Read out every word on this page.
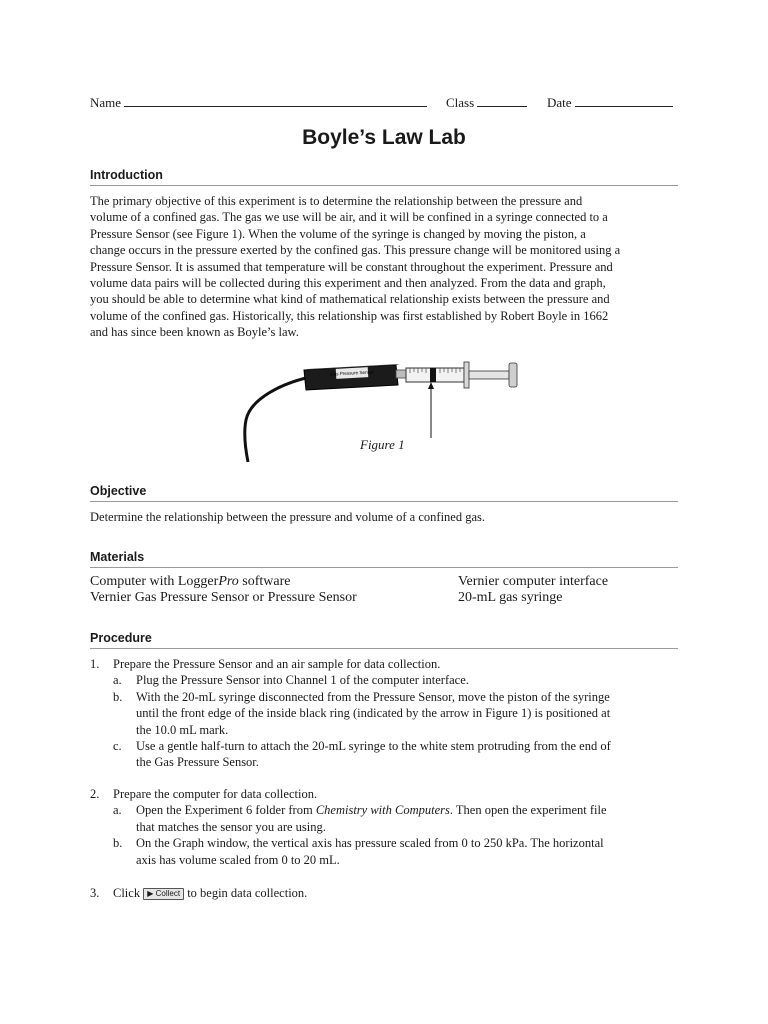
Name	Class	Date
Boyle’s Law Lab
Introduction
The primary objective of this experiment is to determine the relationship between the pressure and
volume of a confined gas. The gas we use will be air, and it will be confined in a syringe connected to a
Pressure Sensor (see Figure 1). When the volume of the syringe is changed by moving the piston, a
change occurs in the pressure exerted by the confined gas. This pressure change will be monitored using a
Pressure Sensor. It is assumed that temperature will be constant throughout the experiment. Pressure and
volume data pairs will be collected during this experiment and then analyzed. From the data and graph,
you should be able to determine what kind of mathematical relationship exists between the pressure and
volume of the confined gas. Historically, this relationship was first established by Robert Boyle in 1662
and has since been known as Boyle’s law.
Gas Pressure Sensor
Figure 1
Objective
Determine the relationship between the pressure and volume of a confined gas.
Materials
Computer with LoggerPro software
Vernier Gas Pressure Sensor or Pressure Sensor
Vernier computer interface
20-mL gas syringe
Procedure
1. Prepare the Pressure Sensor and an air sample for data collection.
a. Plug the Pressure Sensor into Channel 1 of the computer interface.
b. With the 20-mL syringe disconnected from the Pressure Sensor, move the piston of the syringe
until the front edge of the inside black ring (indicated by the arrow in Figure 1) is positioned at
the 10.0 mL mark.
c. Use a gentle half-turn to attach the 20-mL syringe to the white stem protruding from the end of
the Gas Pressure Sensor.
2. Prepare the computer for data collection.
a. Open the Experiment 6 folder from Chemistry with Computers. Then open the experiment file
that matches the sensor you are using.
b. On the Graph window, the vertical axis has pressure scaled from 0 to 250 kPa. The horizontal
axis has volume scaled from 0 to 20 mL.
3. Click ▶ Collect to begin data collection.
